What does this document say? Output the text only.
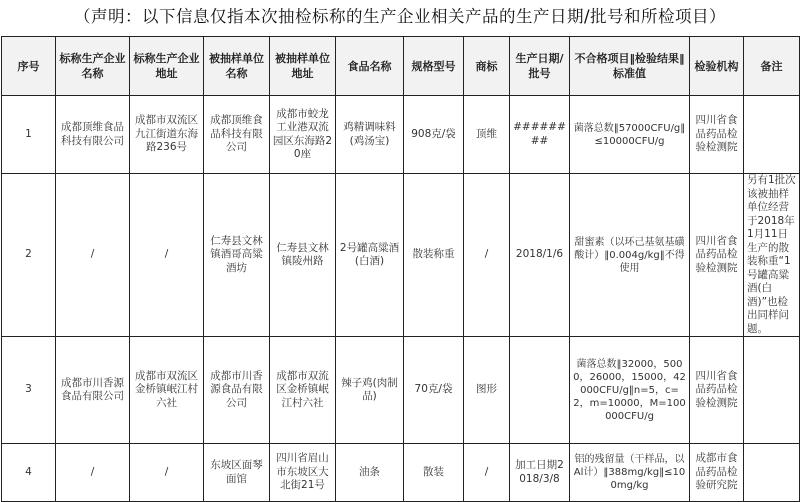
（声明：以下信息仅指本次抽检标称的生产企业相关产品的生产日期/批号和所检项目）
序号	标称生产企业名称	标称生产企业地址	被抽样单位名称	被抽样单位地址	食品名称	规格型号	商标	生产日期/批号	不合格项目‖检验结果‖标准值	检验机构	备注
1	成都顶维食品科技有限公司	成都市双流区九江街道东海路236号	成都顶维食品科技有限公司	成都市蛟龙工业港双流园区东海路20座	鸡精调味料(鸡汤宝)	908克/袋	顶维	########	菌落总数‖57000CFU/g‖≤10000CFU/g	四川省食品药品检验检测院	
2	/	/	仁寿县文林镇酒哥高粱酒坊	仁寿县文林镇陵州路	2号罐高粱酒(白酒)	散装称重	/	2018/1/6	甜蜜素（以环己基氨基磺酸计）‖0.004g/kg‖不得使用	四川省食品药品检验检测院	另有1批次该被抽样单位经营于2018年1月11日生产的散装称重“1号罐高粱酒(白酒)”也检出同样问题。
3	成都市川香源食品有限公司	成都市双流区金桥镇岷江村六社	成都市川香源食品有限公司	成都市双流区金桥镇岷江村六社	辣子鸡(肉制品)	70克/袋	图形		菌落总数‖32000，5000，26000，15000，42000CFU/g‖n=5，c=2，m=10000，M=100000CFU/g	四川省食品药品检验检测院	
4	/	/	东坡区面琴面馆	四川省眉山市东坡区大北街21号	油条	散装	/	加工日期2018/3/8	铝的残留量（干样品，以Al计）‖388mg/kg‖≤100mg/kg	成都市食品药品检验研究院	
